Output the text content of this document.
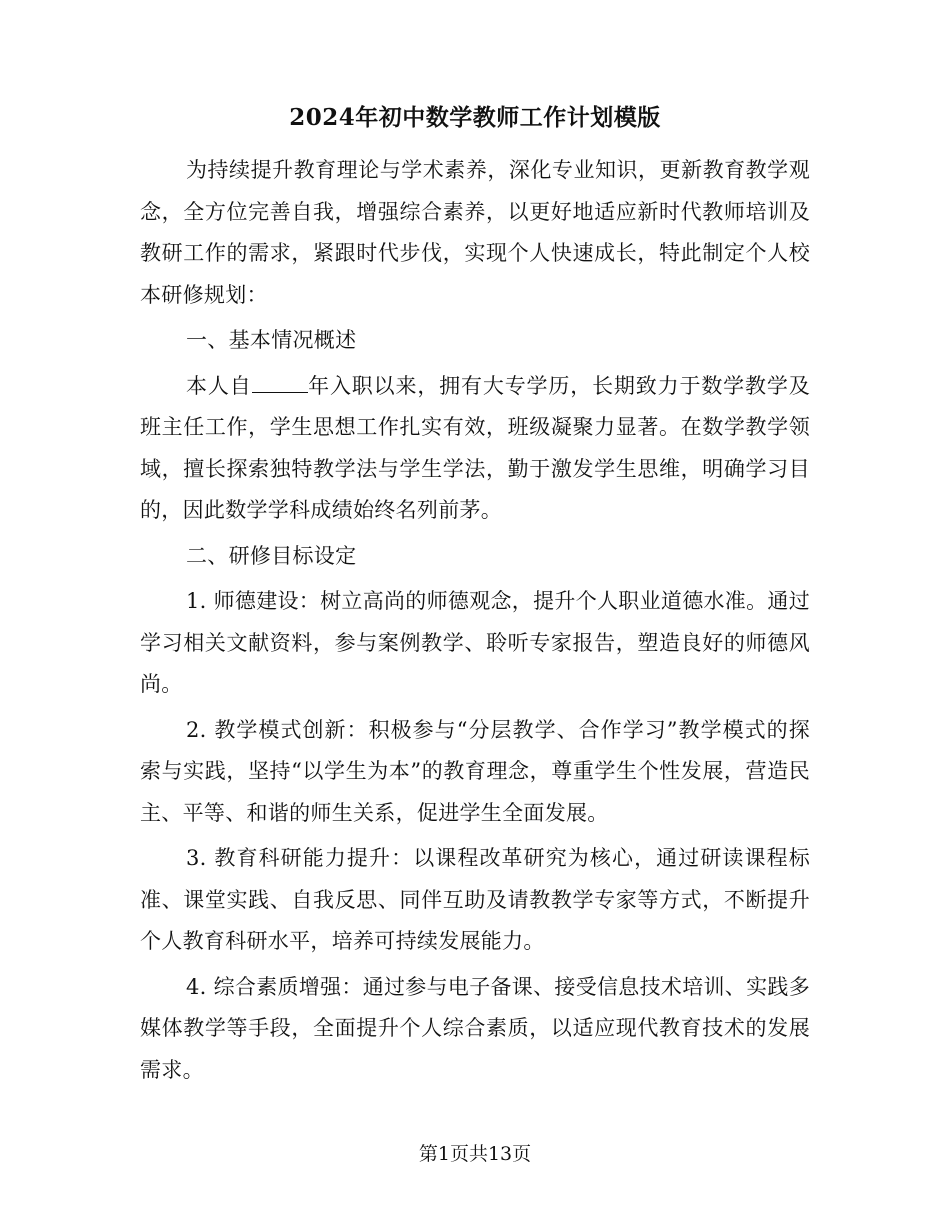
2024年初中数学教师工作计划模版

为持续提升教育理论与学术素养，深化专业知识，更新教育教学观念，全方位完善自我，增强综合素养，以更好地适应新时代教师培训及教研工作的需求，紧跟时代步伐，实现个人快速成长，特此制定个人校本研修规划：

一、基本情况概述

本人自	年入职以来，拥有大专学历，长期致力于数学教学及班主任工作，学生思想工作扎实有效，班级凝聚力显著。在数学教学领域，擅长探索独特教学法与学生学法，勤于激发学生思维，明确学习目的，因此数学学科成绩始终名列前茅。

二、研修目标设定

1. 师德建设：树立高尚的师德观念，提升个人职业道德水准。通过学习相关文献资料，参与案例教学、聆听专家报告，塑造良好的师德风尚。

2. 教学模式创新：积极参与“分层教学、合作学习”教学模式的探索与实践，坚持“以学生为本”的教育理念，尊重学生个性发展，营造民主、平等、和谐的师生关系，促进学生全面发展。

3. 教育科研能力提升：以课程改革研究为核心，通过研读课程标准、课堂实践、自我反思、同伴互助及请教教学专家等方式，不断提升个人教育科研水平，培养可持续发展能力。

4. 综合素质增强：通过参与电子备课、接受信息技术培训、实践多媒体教学等手段，全面提升个人综合素质，以适应现代教育技术的发展需求。

第1页共13页
